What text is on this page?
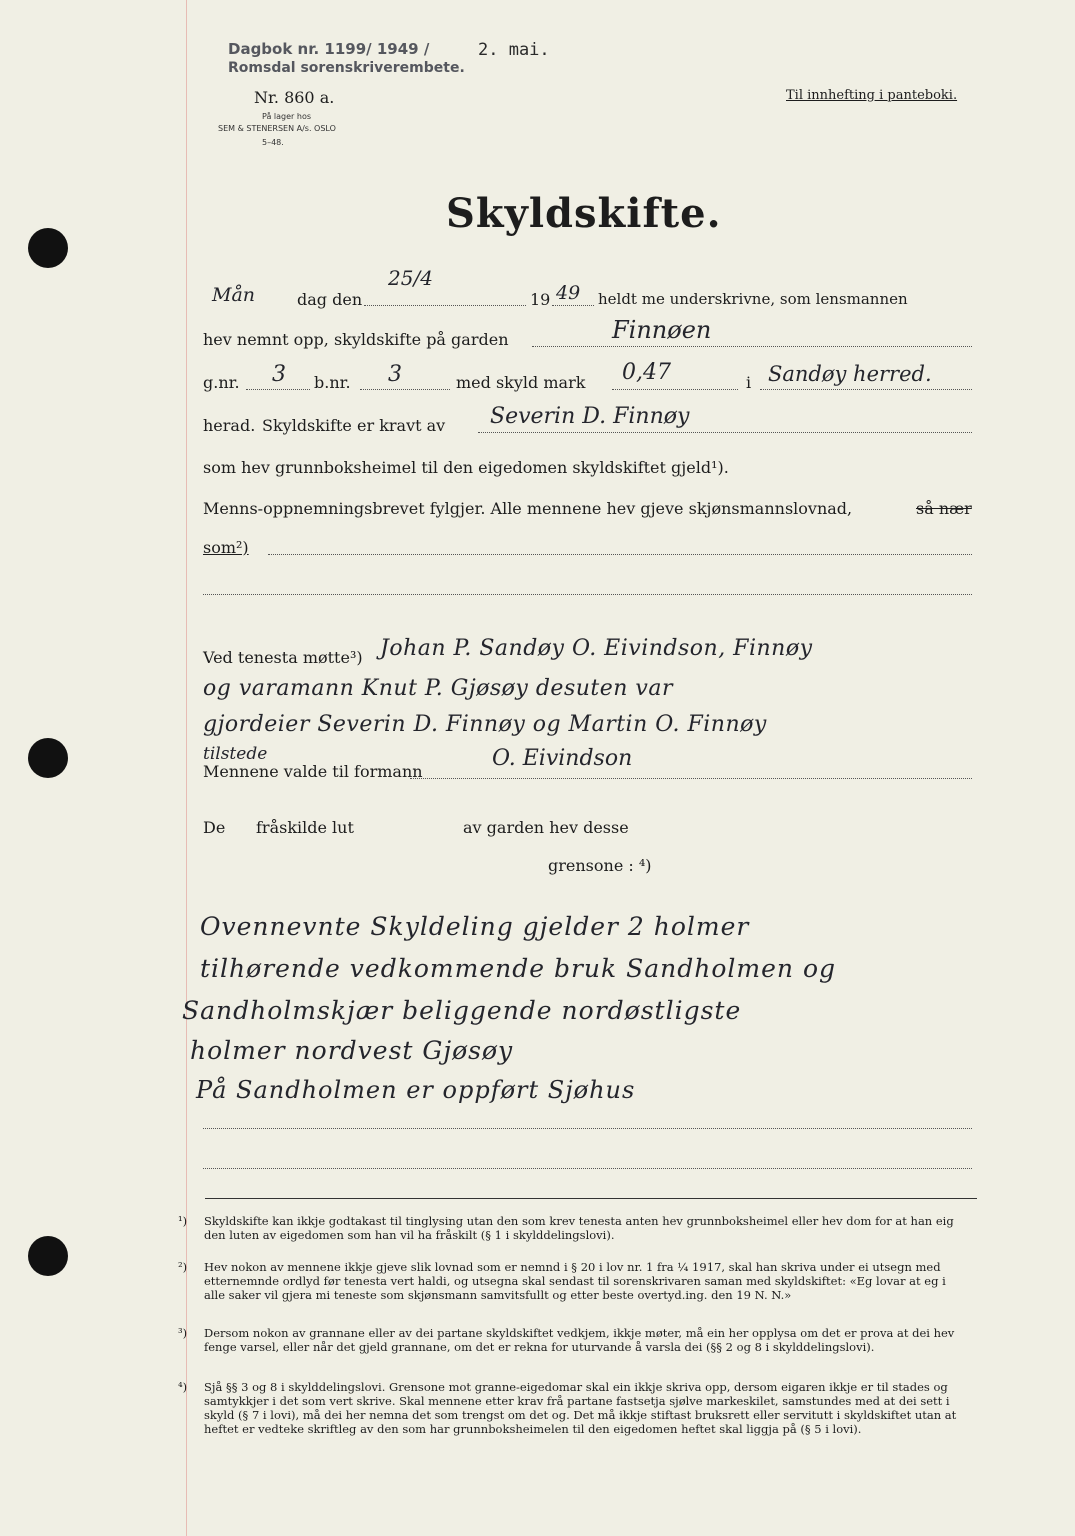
Dagbok nr. 1199/ 1949 /	2. mai.
Romsdal sorenskriverembete.
Nr. 860 a.
På lager hos
SEM & STENERSEN A/s. OSLO
5–48.
Til innhefting i panteboki.
Skyldskifte.
Mån	dag den
25/4
19 49 heldt me underskrivne, som lensmannen
hev nemnt opp, skyldskifte på garden	Finnøen
g.nr. 3 b.nr. 3	med skyld mark 0,47	i Sandøy herred.
herad. Skyldskifte er kravt av Severin D. Finnøy
som hev grunnboksheimel til den eigedomen skyldskiftet gjeld¹).
Menns-oppnemningsbrevet fylgjer. Alle mennene hev gjeve skjønsmannslovnad,	så nær
som²)
Ved tenesta møtte³) Johan P. Sandøy O. Eivindson, Finnøy
og varamann Knut P. Gjøsøy desuten var
gjordeier Severin D. Finnøy og Martin O. Finnøy
tilstede
Mennene valde til formann
O. Eivindson
De fråskilde lut	av garden hev desse
grensone : ⁴)
Ovennevnte Skyldeling gjelder 2 holmer
tilhørende vedkommende bruk Sandholmen og
Sandholmskjær beliggende nordøstligste
holmer nordvest Gjøsøy
På Sandholmen er oppført Sjøhus
¹) Skyldskifte kan ikkje godtakast til tinglysing utan den som krev tenesta anten hev grunnboksheimel eller hev dom for at han eig den luten av eigedomen som han vil ha fråskilt (§ 1 i skylddelingslovi).
²) Hev nokon av mennene ikkje gjeve slik lovnad som er nemnd i § 20 i lov nr. 1 fra ¼ 1917, skal han skriva under ei utsegn med etternemnde ordlyd før tenesta vert haldi, og utsegna skal sendast til sorenskrivaren saman med skyldskiftet: «Eg lovar at eg i alle saker vil gjera mi teneste som skjønsmann samvitsfullt og etter beste overtyd.ing. den 19 N. N.»
³) Dersom nokon av grannane eller av dei partane skyldskiftet vedkjem, ikkje møter, må ein her opplysa om det er prova at dei hev fenge varsel, eller når det gjeld grannane, om det er rekna for uturvande å varsla dei (§§ 2 og 8 i skylddelingslovi).
⁴) Sjå §§ 3 og 8 i skylddelingslovi. Grensone mot granne-eigedomar skal ein ikkje skriva opp, dersom eigaren ikkje er til stades og samtykkjer i det som vert skrive. Skal mennene etter krav frå partane fastsetja sjølve markeskilet, samstundes med at dei sett i skyld (§ 7 i lovi), må dei her nemna det som trengst om det og. Det må ikkje stiftast bruksrett eller servitutt i skyldskiftet utan at heftet er vedteke skriftleg av den som har grunnboksheimelen til den eigedomen heftet skal liggja på (§ 5 i lovi).
